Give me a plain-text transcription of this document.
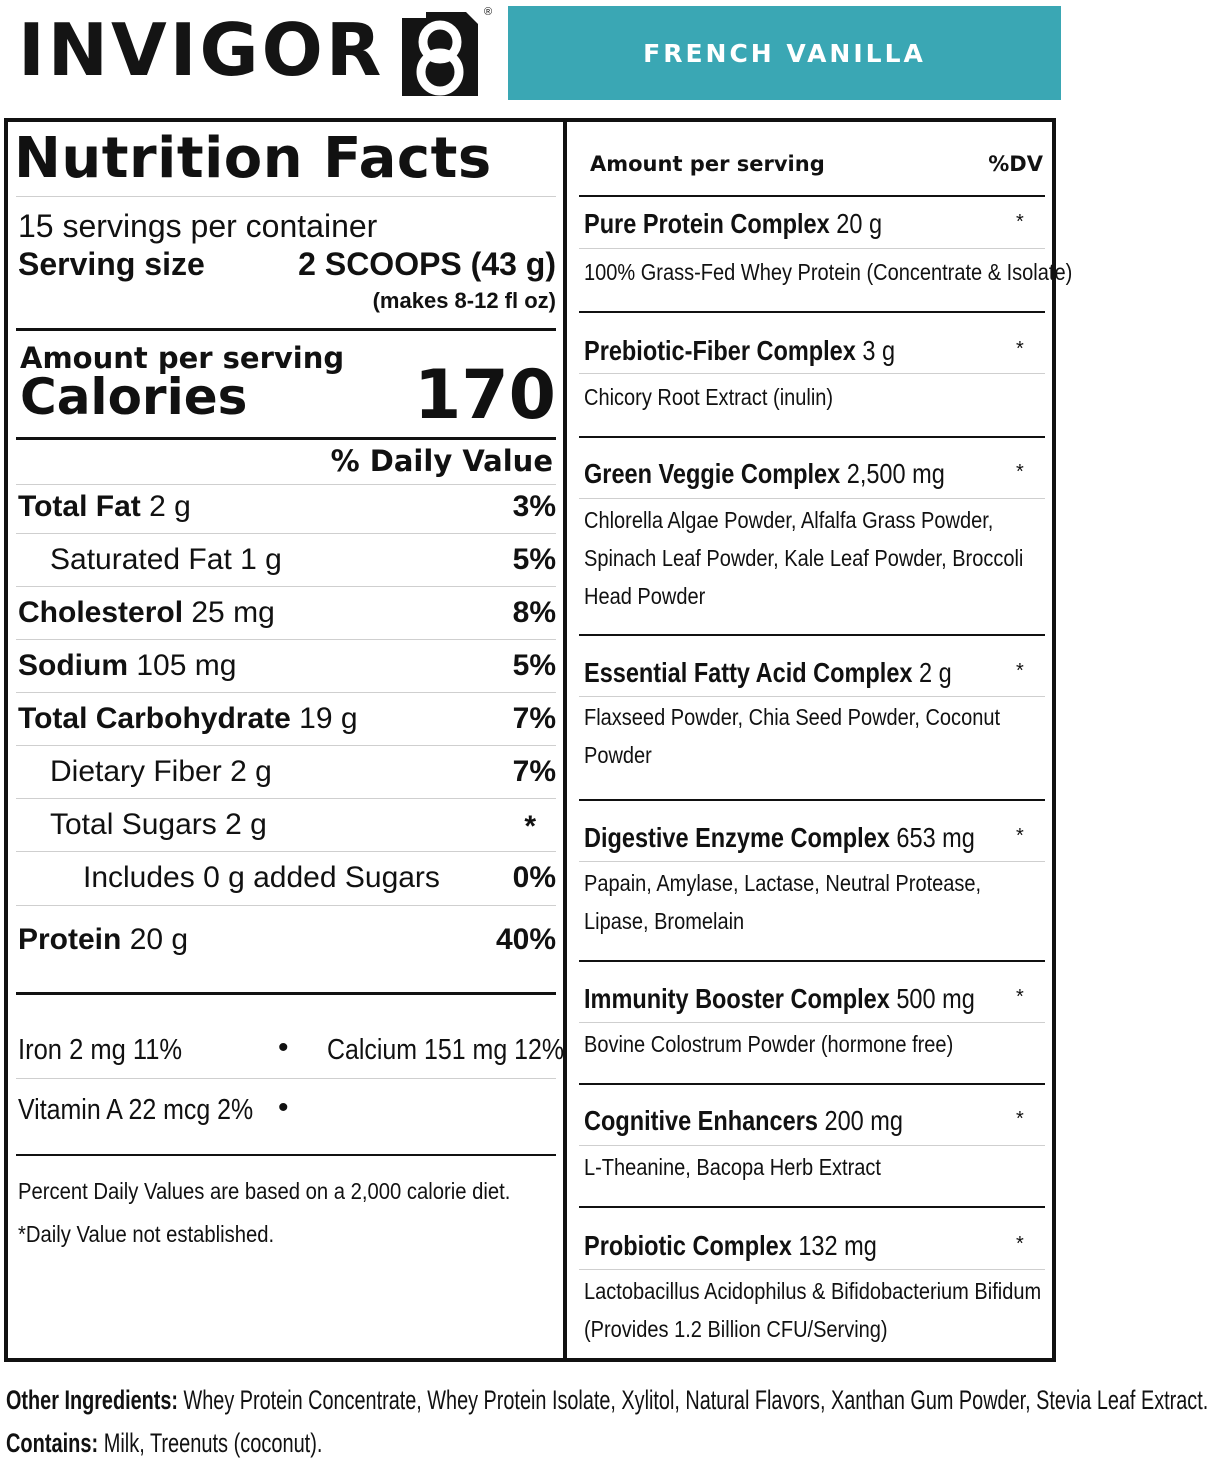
INVIGOR	®
FRENCH VANILLA
Nutrition Facts
15 servings per container
Serving size	2 SCOOPS (43 g)
(makes 8-12 fl oz)
Amount per serving
Calories 170
% Daily Value
Total Fat 2 g	3%
Saturated Fat 1 g	5%
Cholesterol 25 mg	8%
Sodium 105 mg	5%
Total Carbohydrate 19 g	7%
Dietary Fiber 2 g	7%
Total Sugars 2 g	*
Includes 0 g added Sugars 0%
Protein 20 g	40%
Iron 2 mg 11%	• Calcium 151 mg 12%
Vitamin A 22 mcg 2% •
Percent Daily Values are based on a 2,000 calorie diet.
*Daily Value not established.
Amount per serving	%DV
Pure Protein Complex 20 g	*
100% Grass-Fed Whey Protein (Concentrate & Isolate)
Prebiotic-Fiber Complex 3 g	*
Chicory Root Extract (inulin)
Green Veggie Complex 2,500 mg	*
Chlorella Algae Powder, Alfalfa Grass Powder,
Spinach Leaf Powder, Kale Leaf Powder, Broccoli
Head Powder
Essential Fatty Acid Complex 2 g	*
Flaxseed Powder, Chia Seed Powder, Coconut
Powder
Digestive Enzyme Complex 653 mg *
Papain, Amylase, Lactase, Neutral Protease,
Lipase, Bromelain
Immunity Booster Complex 500 mg *
Bovine Colostrum Powder (hormone free)
Cognitive Enhancers 200 mg	*
L-Theanine, Bacopa Herb Extract
Probiotic Complex 132 mg	*
Lactobacillus Acidophilus & Bifidobacterium Bifidum
(Provides 1.2 Billion CFU/Serving)
Other Ingredients: Whey Protein Concentrate, Whey Protein Isolate, Xylitol, Natural Flavors, Xanthan Gum Powder, Stevia Leaf Extract.
Contains: Milk, Treenuts (coconut).
